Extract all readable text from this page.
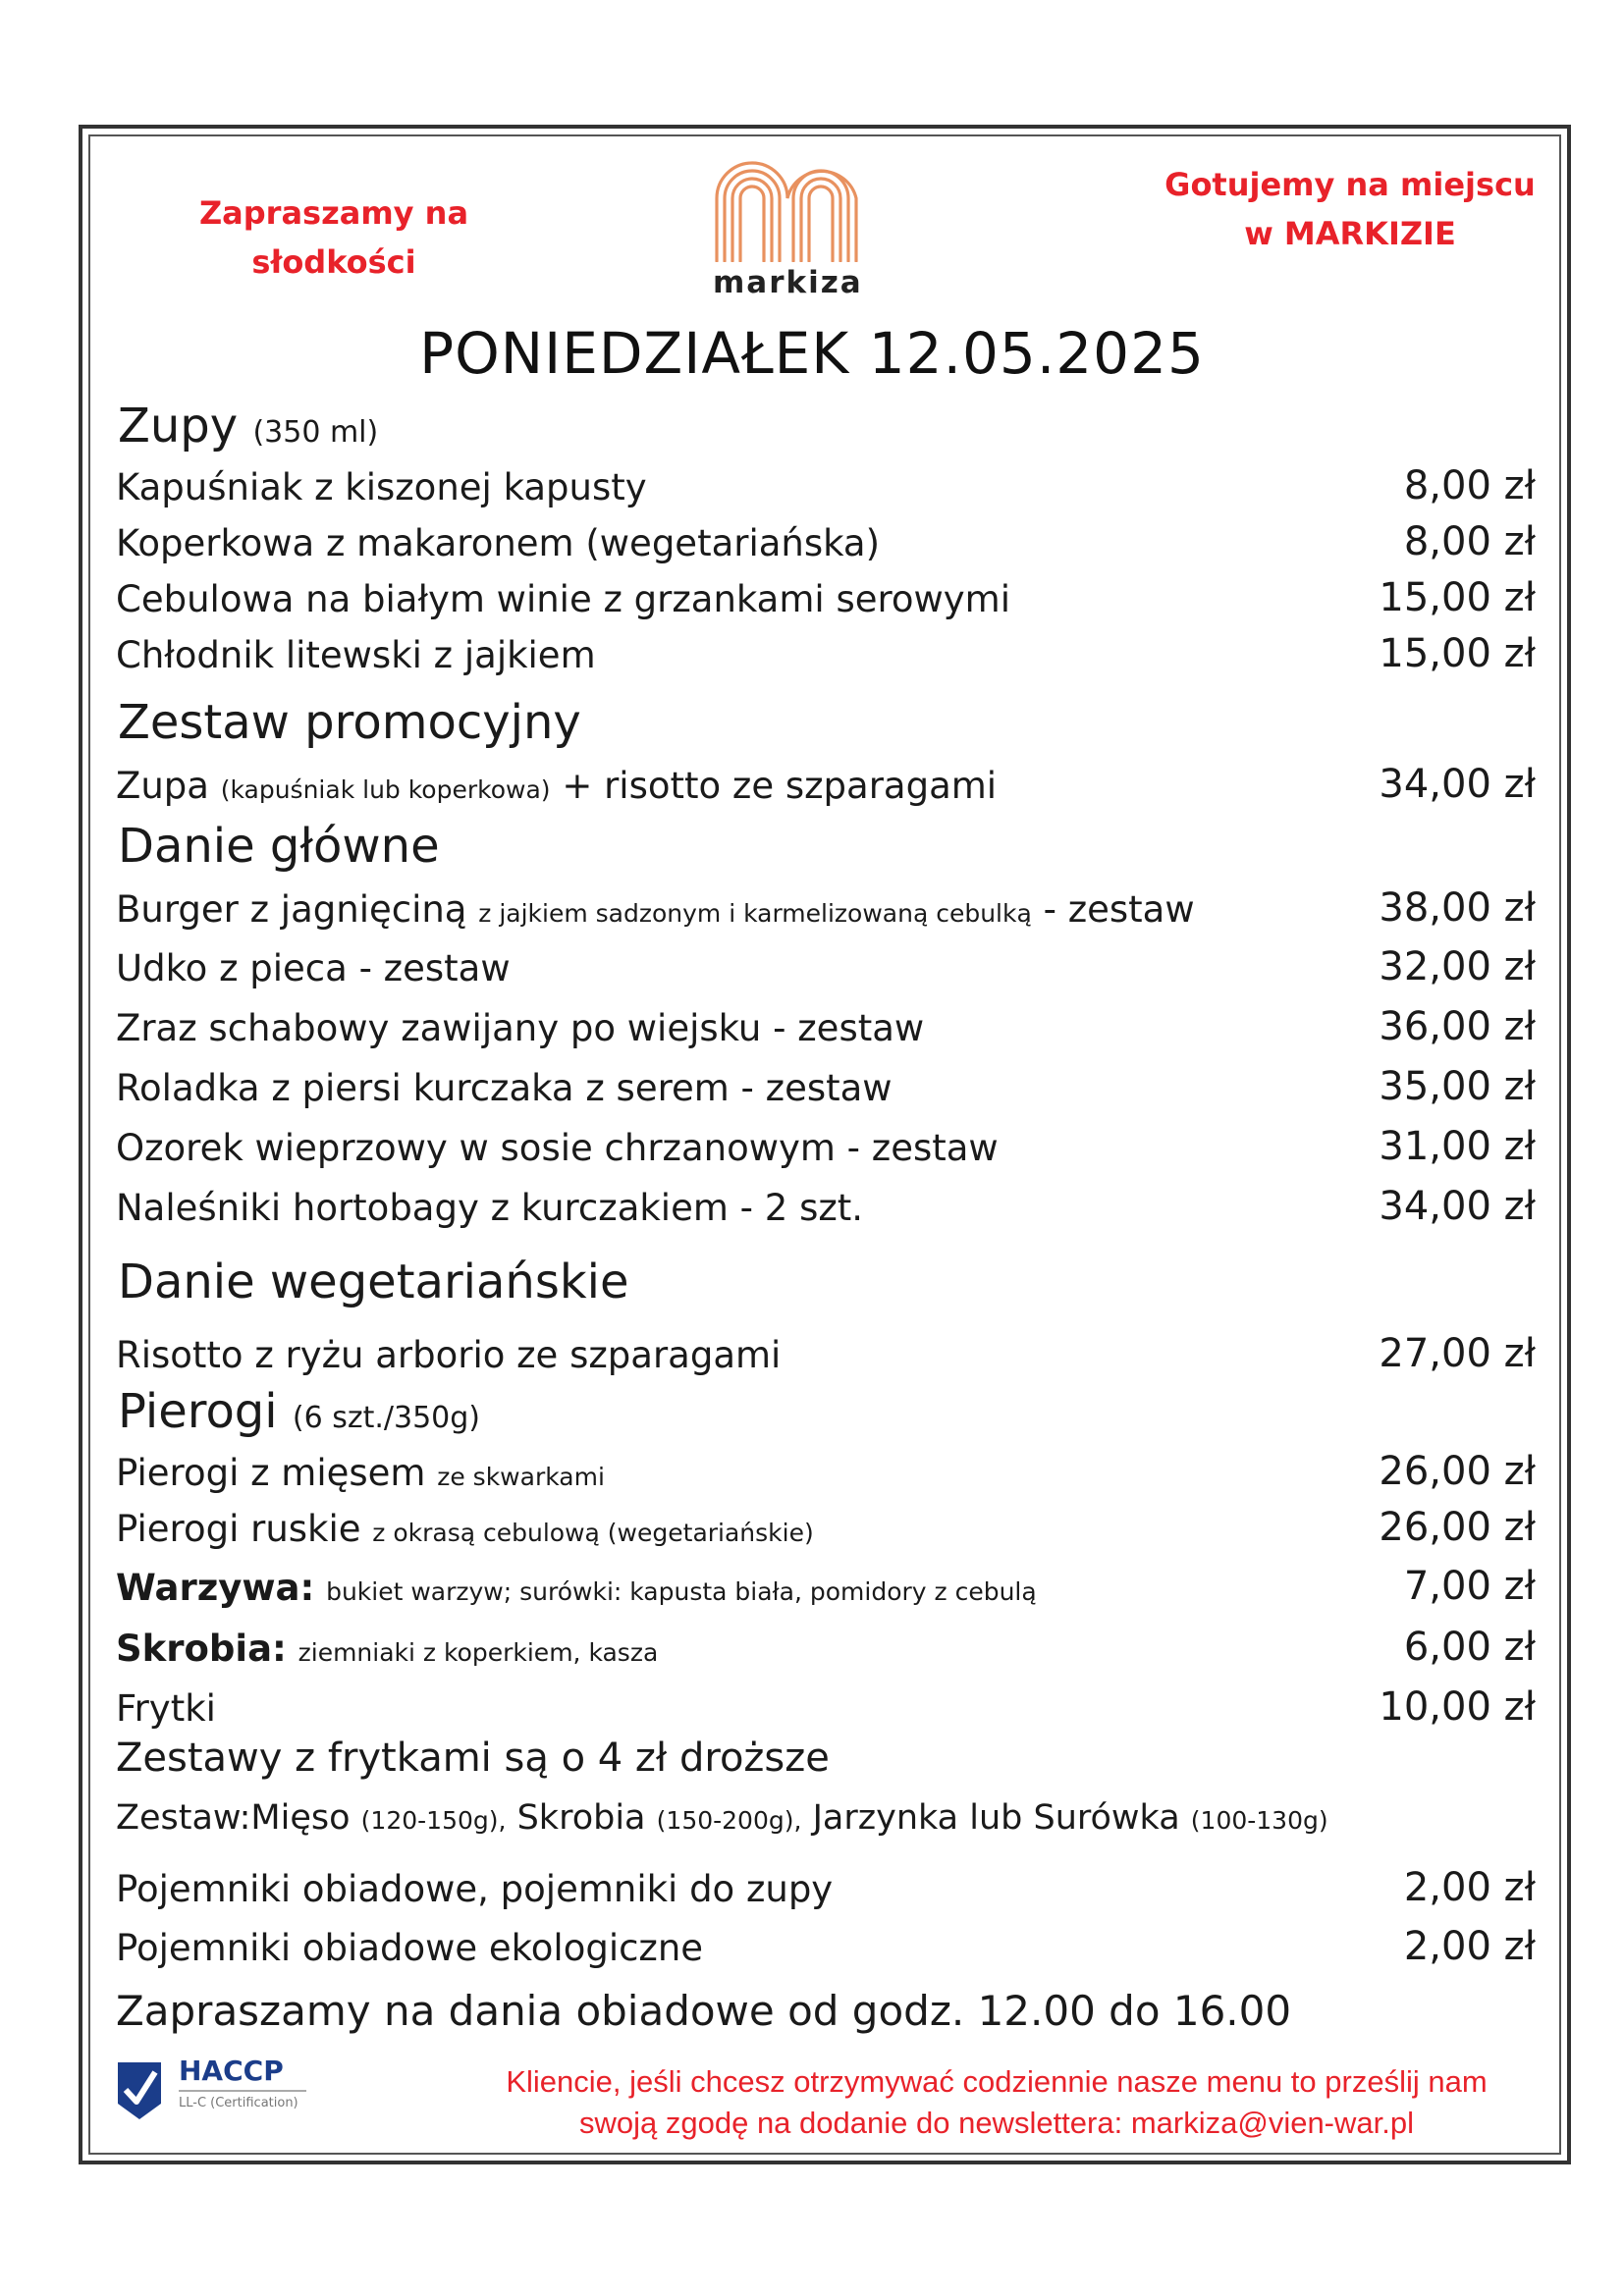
Zapraszamy na
słodkości
Gotujemy na miejscu
w MARKIZIE
markiza
PONIEDZIAŁEK 12.05.2025
Zupy (350 ml)
Kapuśniak z kiszonej kapusty	8,00 zł
Koperkowa z makaronem (wegetariańska)	8,00 zł
Cebulowa na białym winie z grzankami serowymi	15,00 zł
Chłodnik litewski z jajkiem	15,00 zł
Zestaw promocyjny
Zupa (kapuśniak lub koperkowa) + risotto ze szparagami	34,00 zł
Danie główne
Burger z jagnięciną z jajkiem sadzonym i karmelizowaną cebulką - zestaw	38,00 zł
Udko z pieca - zestaw	32,00 zł
Zraz schabowy zawijany po wiejsku - zestaw	36,00 zł
Roladka z piersi kurczaka z serem - zestaw	35,00 zł
Ozorek wieprzowy w sosie chrzanowym - zestaw	31,00 zł
Naleśniki hortobagy z kurczakiem - 2 szt.	34,00 zł
Danie wegetariańskie
Risotto z ryżu arborio ze szparagami	27,00 zł
Pierogi (6 szt./350g)
Pierogi z mięsem ze skwarkami	26,00 zł
Pierogi ruskie z okrasą cebulową (wegetariańskie)	26,00 zł
Warzywa: bukiet warzyw; surówki: kapusta biała, pomidory z cebulą	7,00 zł
Skrobia: ziemniaki z koperkiem, kasza	6,00 zł
Frytki	10,00 zł
Zestawy z frytkami są o 4 zł droższe
Zestaw:Mięso (120-150g), Skrobia (150-200g), Jarzynka lub Surówka (100-130g)
Pojemniki obiadowe, pojemniki do zupy	2,00 zł
Pojemniki obiadowe ekologiczne	2,00 zł
Zapraszamy na dania obiadowe od godz. 12.00 do 16.00
HACCP
LL-C (Certification)
Kliencie, jeśli chcesz otrzymywać codziennie nasze menu to prześlij nam
swoją zgodę na dodanie do newslettera: markiza@vien-war.pl
